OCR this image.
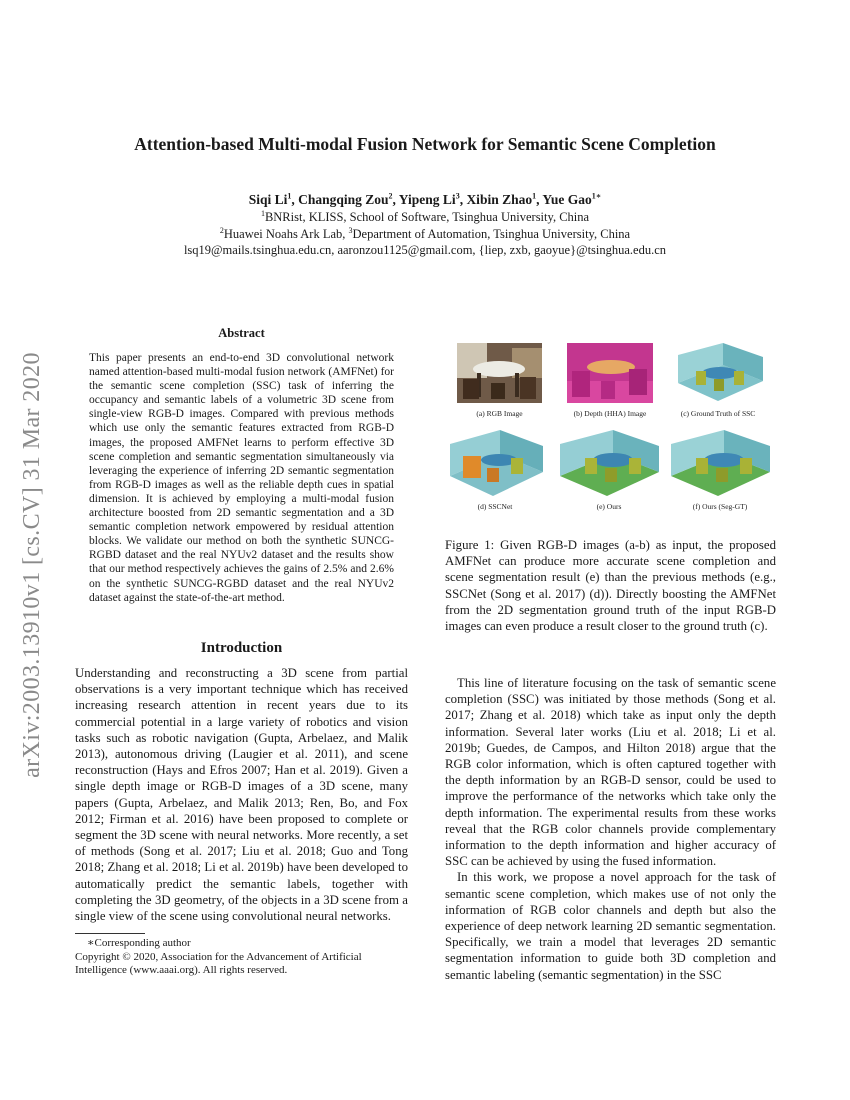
arXiv:2003.13910v1 [cs.CV] 31 Mar 2020
Attention-based Multi-modal Fusion Network for Semantic Scene Completion
Siqi Li$^1$, Changqing Zou$^2$, Yipeng Li$^3$, Xibin Zhao$^1$, Yue Gao$^{1∗}$
$^1$BNRist, KLISS, School of Software, Tsinghua University, China
$^2$Huawei Noahs Ark Lab, $^3$Department of Automation, Tsinghua University, China
lsq19@mails.tsinghua.edu.cn, aaronzou1125@gmail.com, {liep, zxb, gaoyue}@tsinghua.edu.cn
Abstract
This paper presents an end-to-end 3D convolutional network named attention-based multi-modal fusion network (AMFNet) for the semantic scene completion (SSC) task of inferring the occupancy and semantic labels of a volumetric 3D scene from single-view RGB-D images. Compared with previous methods which use only the semantic features extracted from RGB-D images, the proposed AMFNet learns to perform effective 3D scene completion and semantic segmentation simultaneously via leveraging the experience of inferring 2D semantic segmentation from RGB-D images as well as the reliable depth cues in spatial dimension. It is achieved by employing a multi-modal fusion architecture boosted from 2D semantic segmentation and a 3D semantic completion network empowered by residual attention blocks. We validate our method on both the synthetic SUNCG-RGBD dataset and the real NYUv2 dataset and the results show that our method respectively achieves the gains of 2.5% and 2.6% on the synthetic SUNCG-RGBD dataset and the real NYUv2 dataset against the state-of-the-art method.
Introduction
Understanding and reconstructing a 3D scene from partial observations is a very important technique which has received increasing research attention in recent years due to its commercial potential in a large variety of robotics and vision tasks such as robotic navigation (Gupta, Arbelaez, and Malik 2013), autonomous driving (Laugier et al. 2011), and scene reconstruction (Hays and Efros 2007; Han et al. 2019). Given a single depth image or RGB-D images of a 3D scene, many papers (Gupta, Arbelaez, and Malik 2013; Ren, Bo, and Fox 2012; Firman et al. 2016) have been proposed to complete or segment the 3D scene with neural networks. More recently, a set of methods (Song et al. 2017; Liu et al. 2018; Guo and Tong 2018; Zhang et al. 2018; Li et al. 2019b) have been developed to automatically predict the semantic labels, together with completing the 3D geometry, of the objects in a 3D scene from a single view of the scene using convolutional neural networks.
∗Corresponding author
Copyright © 2020, Association for the Advancement of Artificial Intelligence (www.aaai.org). All rights reserved.
(a) RGB Image	(b) Depth (HHA) Image	(c) Ground Truth of SSC
(d) SSCNet	(e) Ours	(f) Ours (Seg-GT)
Figure 1: Given RGB-D images (a-b) as input, the proposed AMFNet can produce more accurate scene completion and scene segmentation result (e) than the previous methods (e.g., SSCNet (Song et al. 2017) (d)). Directly boosting the AMFNet from the 2D segmentation ground truth of the input RGB-D images can even produce a result closer to the ground truth (c).

This line of literature focusing on the task of semantic scene completion (SSC) was initiated by those methods (Song et al. 2017; Zhang et al. 2018) which take as input only the depth information. Several later works (Liu et al. 2018; Li et al. 2019b; Guedes, de Campos, and Hilton 2018) argue that the RGB color information, which is often captured together with the depth information by an RGB-D sensor, could be used to improve the performance of the networks which take only the depth information. The experimental results from these works reveal that the RGB color channels provide complementary information to the depth information and higher accuracy of SSC can be achieved by using the fused information.

In this work, we propose a novel approach for the task of semantic scene completion, which makes use of not only the information of RGB color channels and depth but also the experience of deep network learning 2D semantic segmentation. Specifically, we train a model that leverages 2D semantic segmentation information to guide both 3D completion and semantic labeling (semantic segmentation) in the SSC
